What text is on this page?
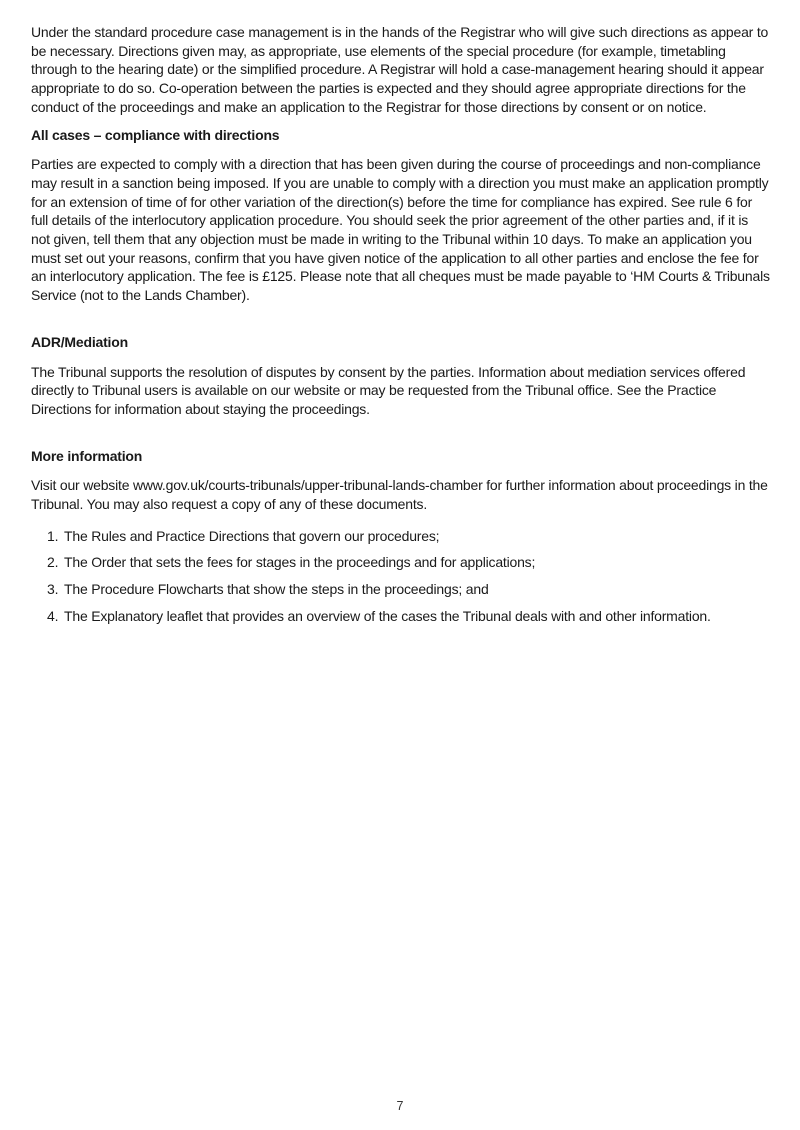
Under the standard procedure case management is in the hands of the Registrar who will give such directions as appear to be necessary. Directions given may, as appropriate, use elements of the special procedure (for example, timetabling through to the hearing date) or the simplified procedure. A Registrar will hold a case-management hearing should it appear appropriate to do so. Co-operation between the parties is expected and they should agree appropriate directions for the conduct of the proceedings and make an application to the Registrar for those directions by consent or on notice.

All cases – compliance with directions

Parties are expected to comply with a direction that has been given during the course of proceedings and non-compliance may result in a sanction being imposed. If you are unable to comply with a direction you must make an application promptly for an extension of time of for other variation of the direction(s) before the time for compliance has expired. See rule 6 for full details of the interlocutory application procedure. You should seek the prior agreement of the other parties and, if it is not given, tell them that any objection must be made in writing to the Tribunal within 10 days. To make an application you must set out your reasons, confirm that you have given notice of the application to all other parties and enclose the fee for an interlocutory application. The fee is £125. Please note that all cheques must be made payable to ‘HM Courts & Tribunals Service (not to the Lands Chamber).

ADR/Mediation

The Tribunal supports the resolution of disputes by consent by the parties. Information about mediation services offered directly to Tribunal users is available on our website or may be requested from the Tribunal office. See the Practice Directions for information about staying the proceedings.

More information

Visit our website www.gov.uk/courts-tribunals/upper-tribunal-lands-chamber for further information about proceedings in the Tribunal. You may also request a copy of any of these documents.

1. The Rules and Practice Directions that govern our procedures;
2. The Order that sets the fees for stages in the proceedings and for applications;
3. The Procedure Flowcharts that show the steps in the proceedings; and
4. The Explanatory leaflet that provides an overview of the cases the Tribunal deals with and other information.
7
